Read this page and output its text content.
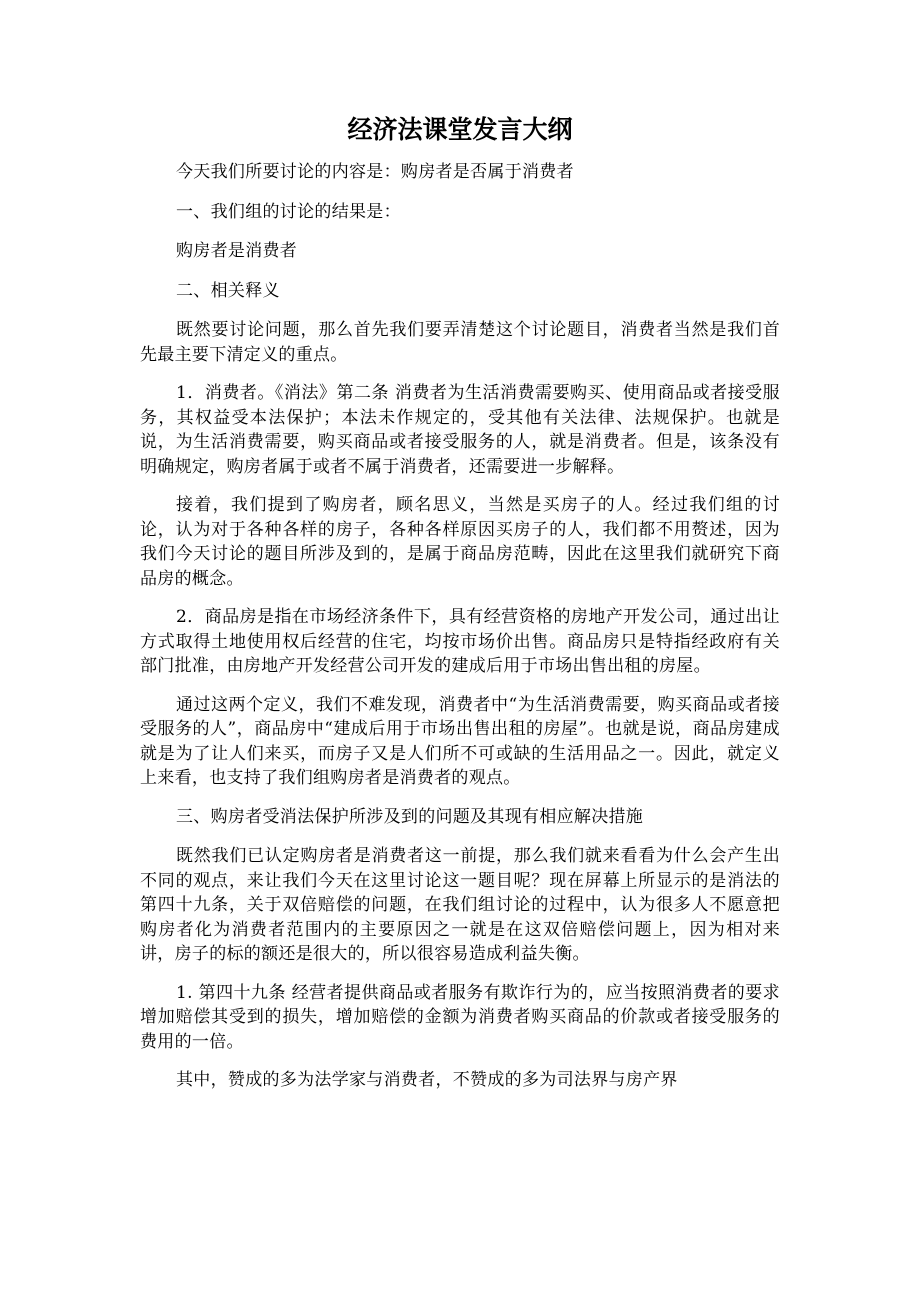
经济法课堂发言大纲

今天我们所要讨论的内容是：购房者是否属于消费者

一、我们组的讨论的结果是：

购房者是消费者

二、相关释义

既然要讨论问题，那么首先我们要弄清楚这个讨论题目，消费者当然是我们首先最主要下清定义的重点。

1．消费者。《消法》第二条 消费者为生活消费需要购买、使用商品或者接受服务，其权益受本法保护；本法未作规定的，受其他有关法律、法规保护。也就是说，为生活消费需要，购买商品或者接受服务的人，就是消费者。但是，该条没有明确规定，购房者属于或者不属于消费者，还需要进一步解释。

接着，我们提到了购房者，顾名思义，当然是买房子的人。经过我们组的讨论，认为对于各种各样的房子，各种各样原因买房子的人，我们都不用赘述，因为我们今天讨论的题目所涉及到的，是属于商品房范畴，因此在这里我们就研究下商品房的概念。

2．商品房是指在市场经济条件下，具有经营资格的房地产开发公司，通过出让方式取得土地使用权后经营的住宅，均按市场价出售。商品房只是特指经政府有关部门批准，由房地产开发经营公司开发的建成后用于市场出售出租的房屋。

通过这两个定义，我们不难发现，消费者中“为生活消费需要，购买商品或者接受服务的人”，商品房中“建成后用于市场出售出租的房屋”。也就是说，商品房建成就是为了让人们来买，而房子又是人们所不可或缺的生活用品之一。因此，就定义上来看，也支持了我们组购房者是消费者的观点。

三、购房者受消法保护所涉及到的问题及其现有相应解决措施

既然我们已认定购房者是消费者这一前提，那么我们就来看看为什么会产生出不同的观点，来让我们今天在这里讨论这一题目呢？现在屏幕上所显示的是消法的第四十九条，关于双倍赔偿的问题，在我们组讨论的过程中，认为很多人不愿意把购房者化为消费者范围内的主要原因之一就是在这双倍赔偿问题上，因为相对来讲，房子的标的额还是很大的，所以很容易造成利益失衡。

1. 第四十九条 经营者提供商品或者服务有欺诈行为的，应当按照消费者的要求增加赔偿其受到的损失，增加赔偿的金额为消费者购买商品的价款或者接受服务的费用的一倍。

其中，赞成的多为法学家与消费者，不赞成的多为司法界与房产界
